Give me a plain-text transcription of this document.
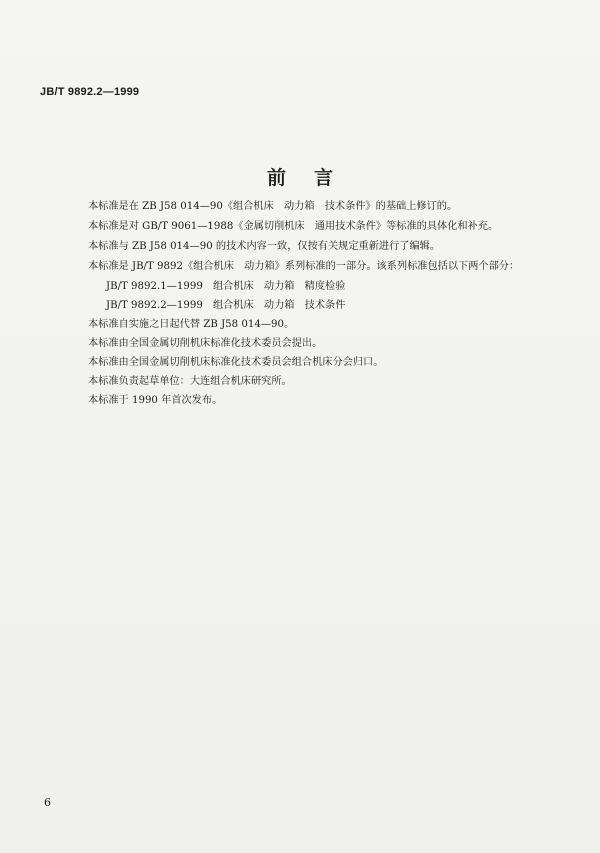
JB/T 9892.2—1999
前言
本标准是在 ZB J58 014—90《组合机床　动力箱　技术条件》的基础上修订的。
本标准是对 GB/T 9061—1988《金属切削机床　通用技术条件》等标准的具体化和补充。
本标准与 ZB J58 014—90 的技术内容一致，仅按有关规定重新进行了编辑。
本标准是 JB/T 9892《组合机床　动力箱》系列标准的一部分。该系列标准包括以下两个部分：
JB/T 9892.1—1999　组合机床　动力箱　精度检验
JB/T 9892.2—1999　组合机床　动力箱　技术条件
本标准自实施之日起代替 ZB J58 014—90。
本标准由全国金属切削机床标准化技术委员会提出。
本标准由全国金属切削机床标准化技术委员会组合机床分会归口。
本标准负责起草单位：大连组合机床研究所。
本标准于 1990 年首次发布。
6
